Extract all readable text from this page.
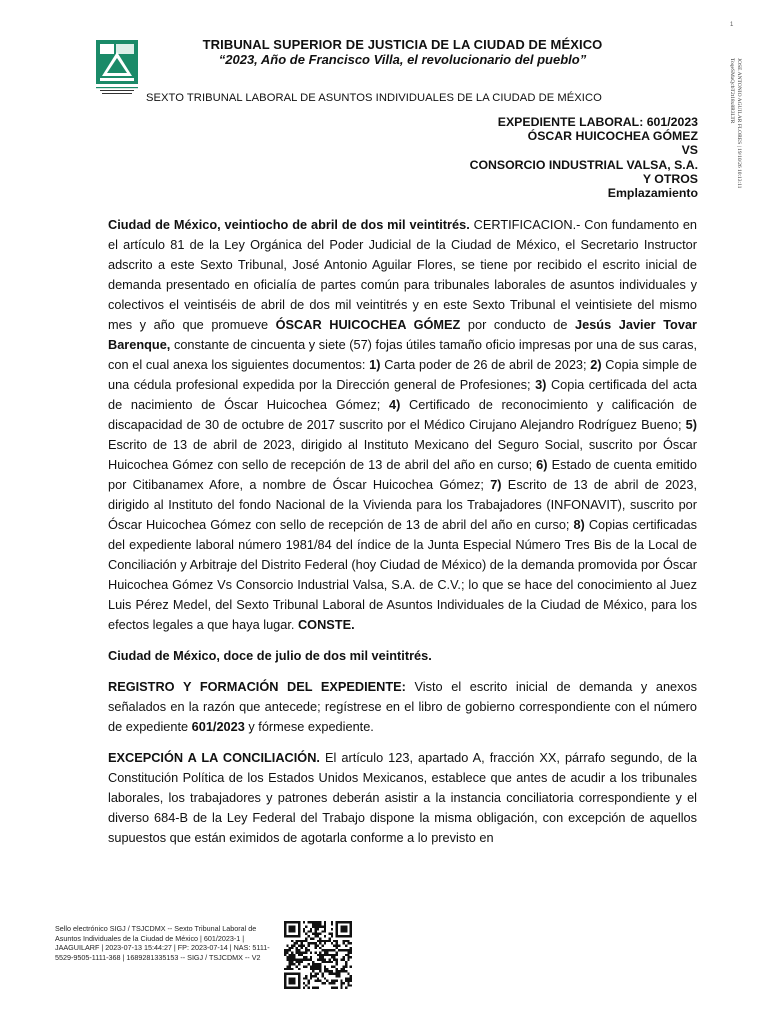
TRIBUNAL SUPERIOR DE JUSTICIA DE LA CIUDAD DE MÉXICO
“2023, Año de Francisco Villa, el revolucionario del pueblo”
SEXTO TRIBUNAL LABORAL DE ASUNTOS INDIVIDUALES DE LA CIUDAD DE MÉXICO
EXPEDIENTE LABORAL: 601/2023
ÓSCAR HUICOCHEA GÓMEZ
VS
CONSORCIO INDUSTRIAL VALSA, S.A.
Y OTROS
Emplazamiento
1
JOSE ANTONIO AGUILAR FLORES | 19/10/26 10:13:11
ToqeSMaQcbT2t18x8R3LTR

Ciudad de México, veintiocho de abril de dos mil veintitrés. CERTIFICACION.- Con fundamento en el artículo 81 de la Ley Orgánica del Poder Judicial de la Ciudad de México, el Secretario Instructor adscrito a este Sexto Tribunal, José Antonio Aguilar Flores, se tiene por recibido el escrito inicial de demanda presentado en oficialía de partes común para tribunales laborales de asuntos individuales y colectivos el veintiséis de abril de dos mil veintitrés y en este Sexto Tribunal el veintisiete del mismo mes y año que promueve ÓSCAR HUICOCHEA GÓMEZ por conducto de Jesús Javier Tovar Barenque, constante de cincuenta y siete (57) fojas útiles tamaño oficio impresas por una de sus caras, con el cual anexa los siguientes documentos: 1) Carta poder de 26 de abril de 2023; 2) Copia simple de una cédula profesional expedida por la Dirección general de Profesiones; 3) Copia certificada del acta de nacimiento de Óscar Huicochea Gómez; 4) Certificado de reconocimiento y calificación de discapacidad de 30 de octubre de 2017 suscrito por el Médico Cirujano Alejandro Rodríguez Bueno; 5) Escrito de 13 de abril de 2023, dirigido al Instituto Mexicano del Seguro Social, suscrito por Óscar Huicochea Gómez con sello de recepción de 13 de abril del año en curso; 6) Estado de cuenta emitido por Citibanamex Afore, a nombre de Óscar Huicochea Gómez; 7) Escrito de 13 de abril de 2023, dirigido al Instituto del fondo Nacional de la Vivienda para los Trabajadores (INFONAVIT), suscrito por Óscar Huicochea Gómez con sello de recepción de 13 de abril del año en curso; 8) Copias certificadas del expediente laboral número 1981/84 del índice de la Junta Especial Número Tres Bis de la Local de Conciliación y Arbitraje del Distrito Federal (hoy Ciudad de México) de la demanda promovida por Óscar Huicochea Gómez Vs Consorcio Industrial Valsa, S.A. de C.V.; lo que se hace del conocimiento al Juez Luis Pérez Medel, del Sexto Tribunal Laboral de Asuntos Individuales de la Ciudad de México, para los efectos legales a que haya lugar. CONSTE.

Ciudad de México, doce de julio de dos mil veintitrés.

REGISTRO Y FORMACIÓN DEL EXPEDIENTE: Visto el escrito inicial de demanda y anexos señalados en la razón que antecede; regístrese en el libro de gobierno correspondiente con el número de expediente 601/2023 y fórmese expediente.

EXCEPCIÓN A LA CONCILIACIÓN. El artículo 123, apartado A, fracción XX, párrafo segundo, de la Constitución Política de los Estados Unidos Mexicanos, establece que antes de acudir a los tribunales laborales, los trabajadores y patrones deberán asistir a la instancia conciliatoria correspondiente y el diverso 684-B de la Ley Federal del Trabajo dispone la misma obligación, con excepción de aquellos supuestos que están eximidos de agotarla conforme a lo previsto en

Sello electrónico SIGJ / TSJCDMX -- Sexto Tribunal Laboral de Asuntos Individuales de la Ciudad de México | 601/2023-1 | JAAGUILARF | 2023-07-13 15:44:27 | FP: 2023-07-14 | NAS: 5111-5529-9505-1111-368 | 1689281335153 -- SIGJ / TSJCDMX -- V2
